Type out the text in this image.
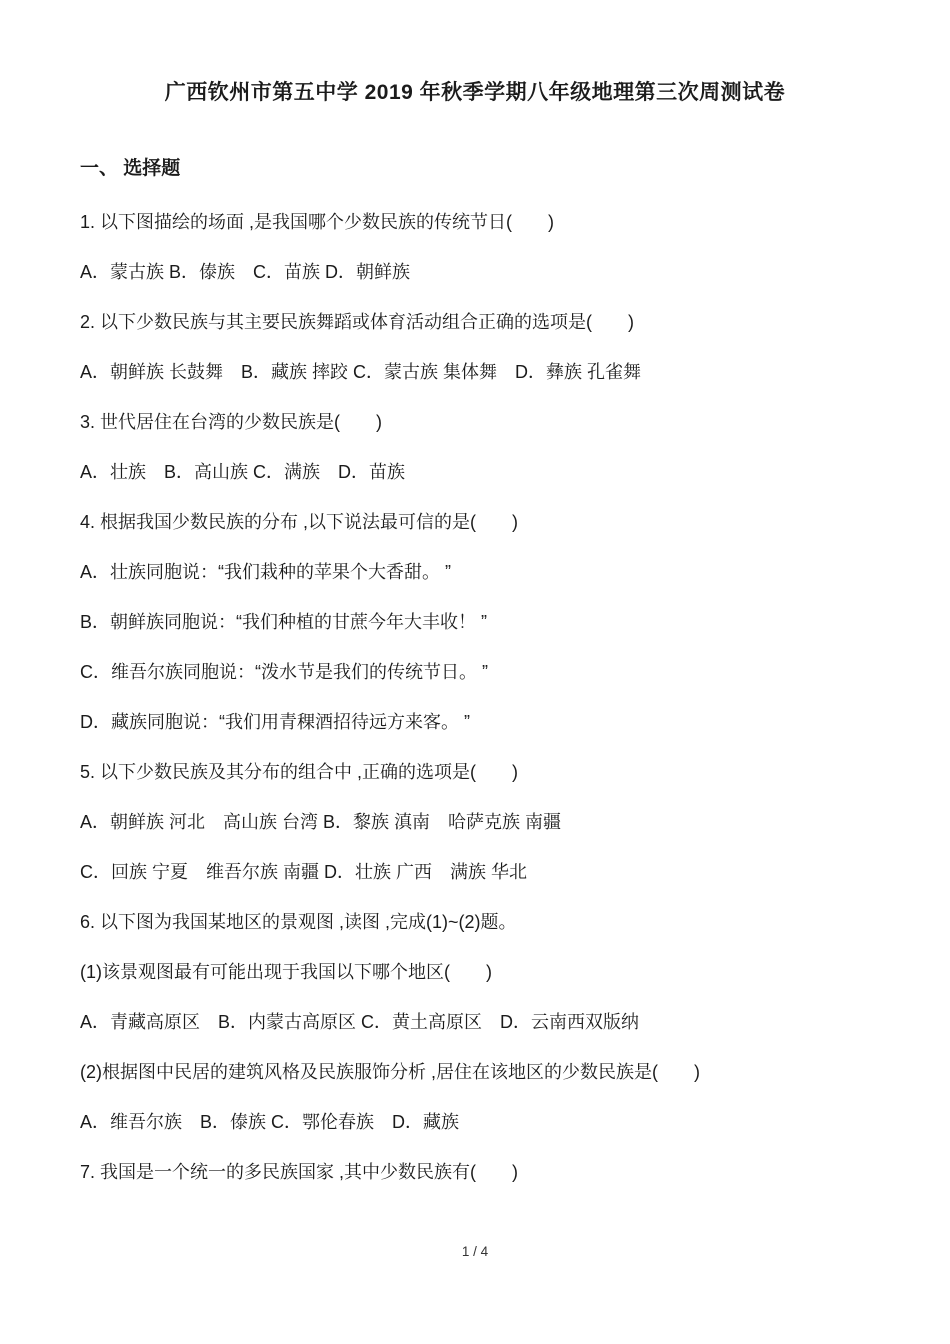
广西钦州市第五中学 2019 年秋季学期八年级地理第三次周测试卷
一、 选择题

1. 以下图描绘的场面 ,是我国哪个少数民族的传统节日(　　)

A．蒙古族 B．傣族　C．苗族 D．朝鲜族

2. 以下少数民族与其主要民族舞蹈或体育活动组合正确的选项是(　　)

A．朝鲜族 长鼓舞　B．藏族 摔跤 C．蒙古族 集体舞　D．彝族 孔雀舞

3. 世代居住在台湾的少数民族是(　　)

A．壮族　B．高山族 C．满族　D．苗族

4. 根据我国少数民族的分布 ,以下说法最可信的是(　　)

A．壮族同胞说：“我们栽种的苹果个大香甜。 ”

B．朝鲜族同胞说：“我们种植的甘蔗今年大丰收！ ”

C．维吾尔族同胞说：“泼水节是我们的传统节日。 ”

D．藏族同胞说：“我们用青稞酒招待远方来客。 ”

5. 以下少数民族及其分布的组合中 ,正确的选项是(　　)

A．朝鲜族 河北　高山族 台湾 B．黎族 滇南　哈萨克族 南疆

C．回族 宁夏　维吾尔族 南疆 D．壮族 广西　满族 华北

6. 以下图为我国某地区的景观图 ,读图 ,完成(1)~(2)题。

(1)该景观图最有可能出现于我国以下哪个地区(　　)

A．青藏高原区　B．内蒙古高原区 C．黄土高原区　D．云南西双版纳

(2)根据图中民居的建筑风格及民族服饰分析 ,居住在该地区的少数民族是(　　)

A．维吾尔族　B．傣族 C．鄂伦春族　D．藏族

7. 我国是一个统一的多民族国家 ,其中少数民族有(　　)

1 / 4
